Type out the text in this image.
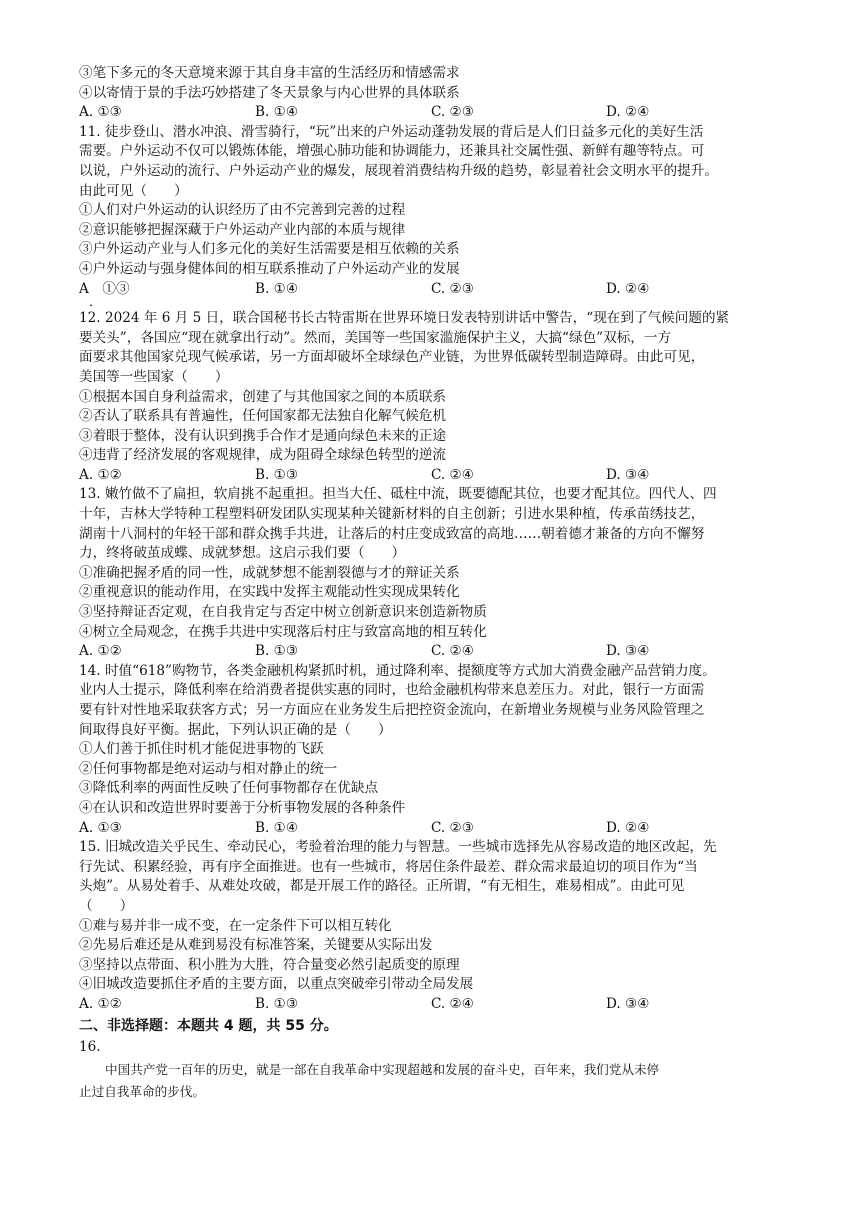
③笔下多元的冬天意境来源于其自身丰富的生活经历和情感需求
④以寄情于景的手法巧妙搭建了冬天景象与内心世界的具体联系
A. ①③	B. ①④	C. ②③	D. ②④
11. 徒步登山、潜水冲浪、滑雪骑行，“玩”出来的户外运动蓬勃发展的背后是人们日益多元化的美好生活
需要。户外运动不仅可以锻炼体能，增强心肺功能和协调能力，还兼具社交属性强、新鲜有趣等特点。可
以说，户外运动的流行、户外运动产业的爆发，展现着消费结构升级的趋势，彰显着社会文明水平的提升。
由此可见（　　）
①人们对户外运动的认识经历了由不完善到完善的过程
②意识能够把握深藏于户外运动产业内部的本质与规律
③户外运动产业与人们多元化的美好生活需要是相互依赖的关系
④户外运动与强身健体间的相互联系推动了户外运动产业的发展
A　①③	B. ①④	C. ②③	D. ②④
．
12. 2024 年 6 月 5 日，联合国秘书长古特雷斯在世界环境日发表特别讲话中警告，“现在到了气候问题的紧
要关头”，各国应“现在就拿出行动”。然而，美国等一些国家滥施保护主义，大搞“绿色”双标，一方
面要求其他国家兑现气候承诺，另一方面却破坏全球绿色产业链，为世界低碳转型制造障碍。由此可见，
美国等一些国家（　　）
①根据本国自身利益需求，创建了与其他国家之间的本质联系
②否认了联系具有普遍性，任何国家都无法独自化解气候危机
③着眼于整体，没有认识到携手合作才是通向绿色未来的正途
④违背了经济发展的客观规律，成为阻碍全球绿色转型的逆流
A. ①②	B. ①③	C. ②④	D. ③④
13. 嫩竹做不了扁担，软肩挑不起重担。担当大任、砥柱中流，既要德配其位，也要才配其位。四代人、四
十年，吉林大学特种工程塑料研发团队实现某种关键新材料的自主创新；引进水果种植，传承苗绣技艺，
湖南十八洞村的年轻干部和群众携手共进，让落后的村庄变成致富的高地……朝着德才兼备的方向不懈努
力，终将破茧成蝶、成就梦想。这启示我们要（　　）
①准确把握矛盾的同一性，成就梦想不能割裂德与才的辩证关系
②重视意识的能动作用，在实践中发挥主观能动性实现成果转化
③坚持辩证否定观，在自我肯定与否定中树立创新意识来创造新物质
④树立全局观念，在携手共进中实现落后村庄与致富高地的相互转化
A. ①②	B. ①③	C. ②④	D. ③④
14. 时值“618”购物节，各类金融机构紧抓时机，通过降利率、提额度等方式加大消费金融产品营销力度。
业内人士提示，降低利率在给消费者提供实惠的同时，也给金融机构带来息差压力。对此，银行一方面需
要有针对性地采取获客方式；另一方面应在业务发生后把控资金流向，在新增业务规模与业务风险管理之
间取得良好平衡。据此，下列认识正确的是（　　）
①人们善于抓住时机才能促进事物的飞跃
②任何事物都是绝对运动与相对静止的统一
③降低利率的两面性反映了任何事物都存在优缺点
④在认识和改造世界时要善于分析事物发展的各种条件
A. ①③	B. ①④	C. ②③	D. ②④
15. 旧城改造关乎民生、牵动民心，考验着治理的能力与智慧。一些城市选择先从容易改造的地区改起，先
行先试、积累经验，再有序全面推进。也有一些城市，将居住条件最差、群众需求最迫切的项目作为“当
头炮”。从易处着手、从难处攻破，都是开展工作的路径。正所谓，“有无相生，难易相成”。由此可见
（　　）
①难与易并非一成不变，在一定条件下可以相互转化
②先易后难还是从难到易没有标准答案，关键要从实际出发
③坚持以点带面、积小胜为大胜，符合量变必然引起质变的原理
④旧城改造要抓住矛盾的主要方面，以重点突破牵引带动全局发展
A. ①②	B. ①③	C. ②④	D. ③④
二、非选择题：本题共 4 题，共 55 分。
16.
中国共产党一百年的历史，就是一部在自我革命中实现超越和发展的奋斗史，百年来，我们党从未停
止过自我革命的步伐。
